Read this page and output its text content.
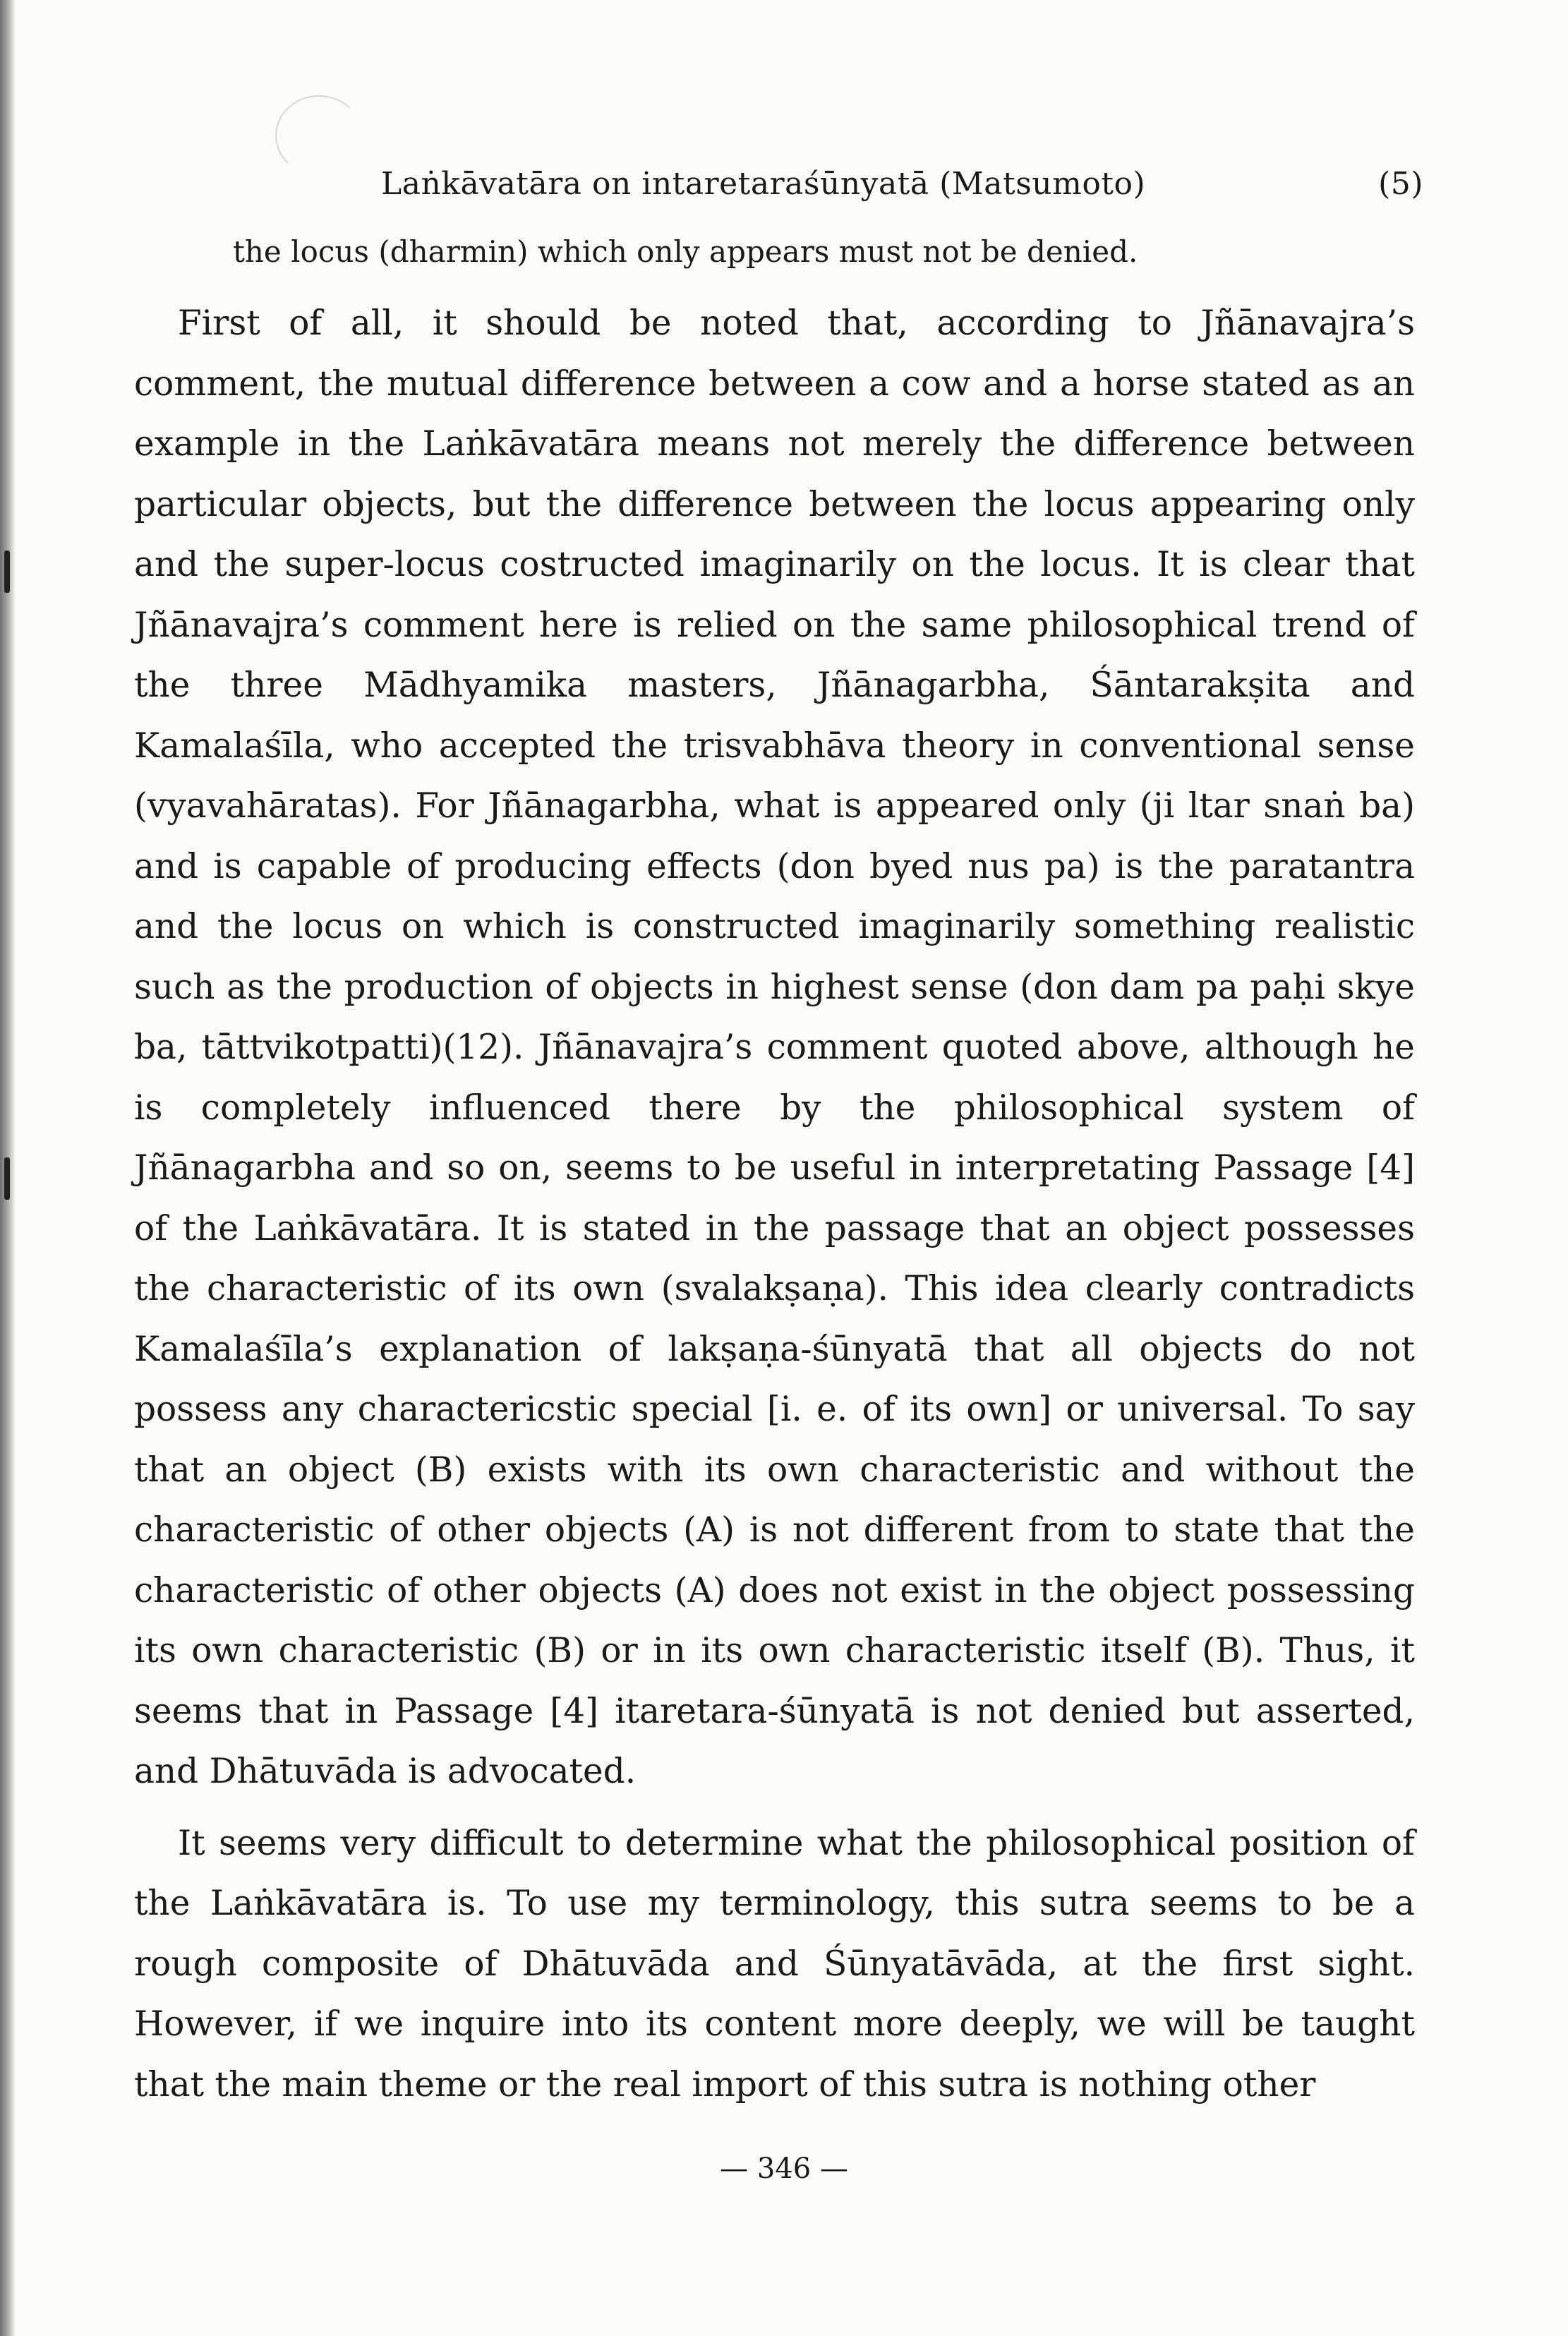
Laṅkāvatāra on intaretaraśūnyatā (Matsumoto)	(5)

the locus (dharmin) which only appears must not be denied.

First of all, it should be noted that, according to Jñānavajra’s comment, the mutual difference between a cow and a horse stated as an example in the Laṅkāvatāra means not merely the difference between particular objects, but the difference between the locus appearing only and the super-locus costructed imaginarily on the locus. It is clear that Jñānavajra’s comment here is relied on the same philosophical trend of the three Mādhyamika masters, Jñānagarbha, Śāntarakṣita and Kamalaśīla, who accepted the trisvabhāva theory in conventional sense (vyavahāratas). For Jñānagarbha, what is appeared only (ji ltar snaṅ ba) and is capable of producing effects (don byed nus pa) is the paratantra and the locus on which is constructed imaginarily something realistic such as the production of objects in highest sense (don dam pa paḥi skye ba, tāttvikotpatti)(12). Jñānavajra’s comment quoted above, although he is completely influenced there by the philosophical system of Jñānagarbha and so on, seems to be useful in interpretating Passage [4] of the Laṅkāvatāra. It is stated in the passage that an object possesses the characteristic of its own (svalakṣaṇa). This idea clearly contradicts Kamalaśīla’s explanation of lakṣaṇa-śūnyatā that all objects do not possess any charactericstic special [i. e. of its own] or universal. To say that an object (B) exists with its own characteristic and without the characteristic of other objects (A) is not different from to state that the characteristic of other objects (A) does not exist in the object possessing its own characteristic (B) or in its own characteristic itself (B). Thus, it seems that in Passage [4] itaretara-śūnyatā is not denied but asserted, and Dhātuvāda is advocated.

It seems very difficult to determine what the philosophical position of the Laṅkāvatāra is. To use my terminology, this sutra seems to be a rough composite of Dhātuvāda and Śūnyatāvāda, at the first sight. However, if we inquire into its content more deeply, we will be taught that the main theme or the real import of this sutra is nothing other

— 346 —
